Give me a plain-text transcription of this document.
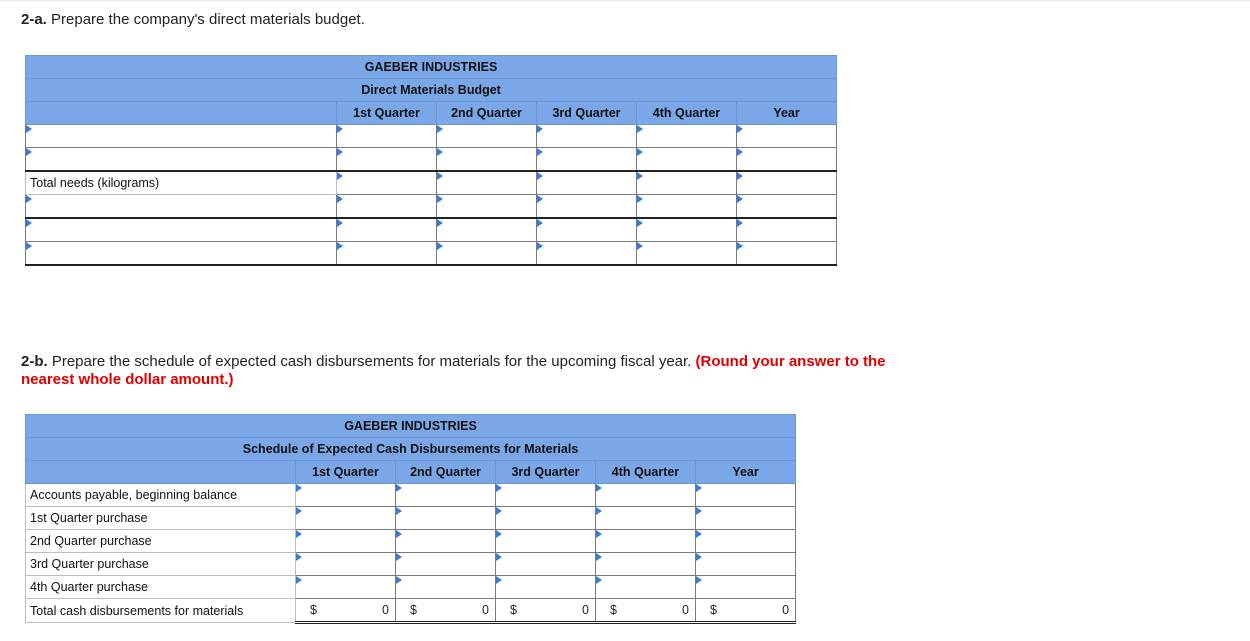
2-a. Prepare the company's direct materials budget.
GAEBER INDUSTRIES					
Direct Materials Budget					
	1st Quarter	2nd Quarter	3rd Quarter	4th Quarter	Year

Total needs (kilograms)	

2-b. Prepare the schedule of expected cash disbursements for materials for the upcoming fiscal year. (Round your answer to the nearest whole dollar amount.)
GAEBER INDUSTRIES					
Schedule of Expected Cash Disbursements for Materials					
	1st Quarter	2nd Quarter	3rd Quarter	4th Quarter	Year
Accounts payable, beginning balance	

1st Quarter purchase	

2nd Quarter purchase	

3rd Quarter purchase	

4th Quarter purchase	

Total cash disbursements for materials	$ 0	$ 0	$ 0	$ 0	$ 0
